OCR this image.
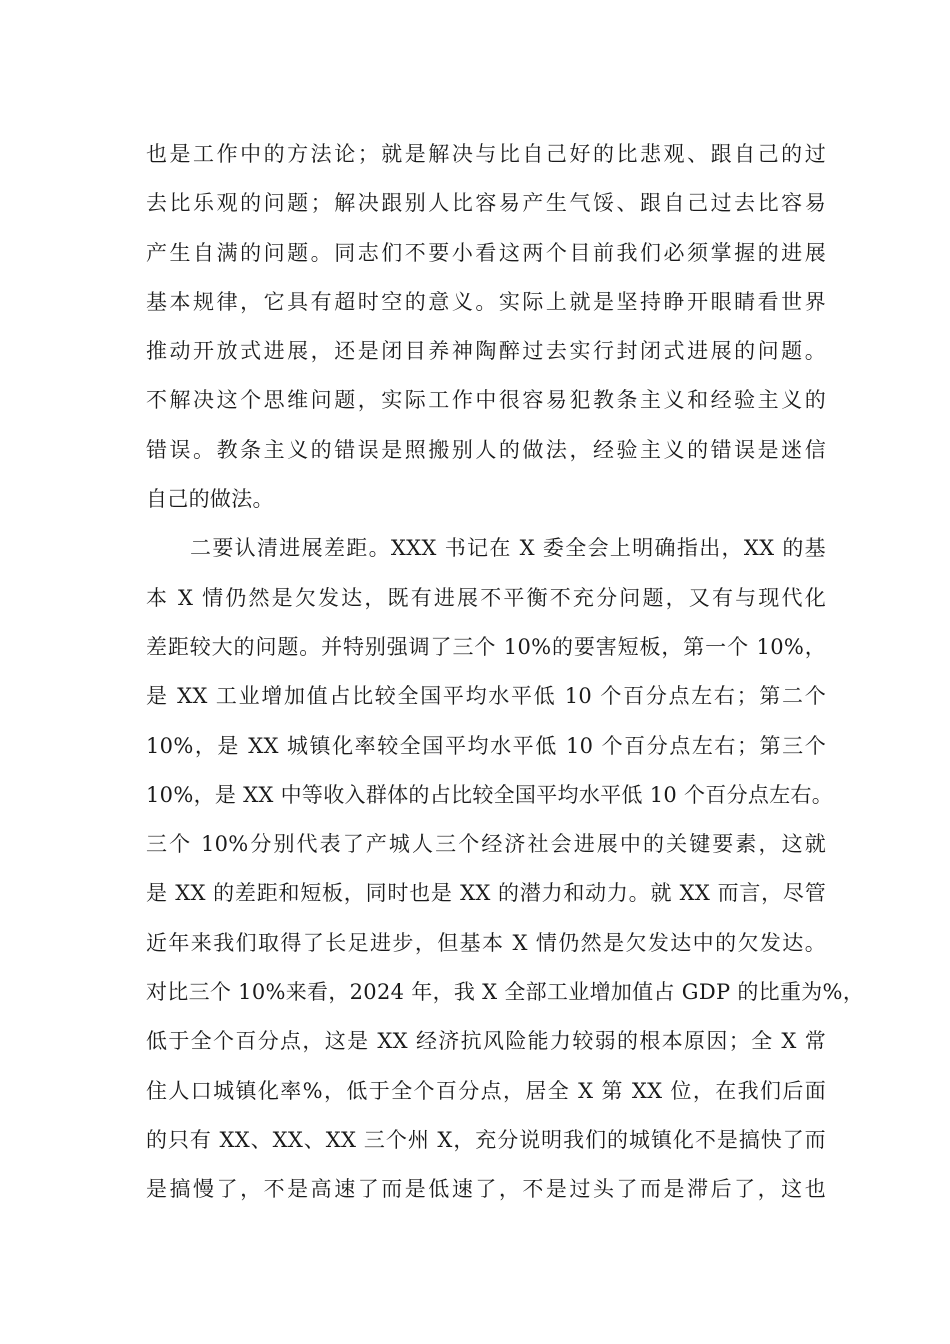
也是工作中的方法论；就是解决与比自己好的比悲观、跟自己的过
去比乐观的问题；解决跟别人比容易产生气馁、跟自己过去比容易
产生自满的问题。同志们不要小看这两个目前我们必须掌握的进展
基本规律，它具有超时空的意义。实际上就是坚持睁开眼睛看世界
推动开放式进展，还是闭目养神陶醉过去实行封闭式进展的问题。
不解决这个思维问题，实际工作中很容易犯教条主义和经验主义的
错误。教条主义的错误是照搬别人的做法，经验主义的错误是迷信
自己的做法。
二要认清进展差距。XXX 书记在 X 委全会上明确指出，XX 的基
本 X 情仍然是欠发达，既有进展不平衡不充分问题，又有与现代化
差距较大的问题。并特别强调了三个 10%的要害短板，第一个 10%，
是 XX 工业增加值占比较全国平均水平低 10 个百分点左右；第二个
10%，是 XX 城镇化率较全国平均水平低 10 个百分点左右；第三个
10%，是 XX 中等收入群体的占比较全国平均水平低 10 个百分点左右。
三个 10%分别代表了产城人三个经济社会进展中的关键要素，这就
是 XX 的差距和短板，同时也是 XX 的潜力和动力。就 XX 而言，尽管
近年来我们取得了长足进步，但基本 X 情仍然是欠发达中的欠发达。
对比三个 10%来看，2024 年，我 X 全部工业增加值占 GDP 的比重为%，
低于全个百分点，这是 XX 经济抗风险能力较弱的根本原因；全 X 常
住人口城镇化率%，低于全个百分点，居全 X 第 XX 位，在我们后面
的只有 XX、XX、XX 三个州 X，充分说明我们的城镇化不是搞快了而
是搞慢了，不是高速了而是低速了，不是过头了而是滞后了，这也
